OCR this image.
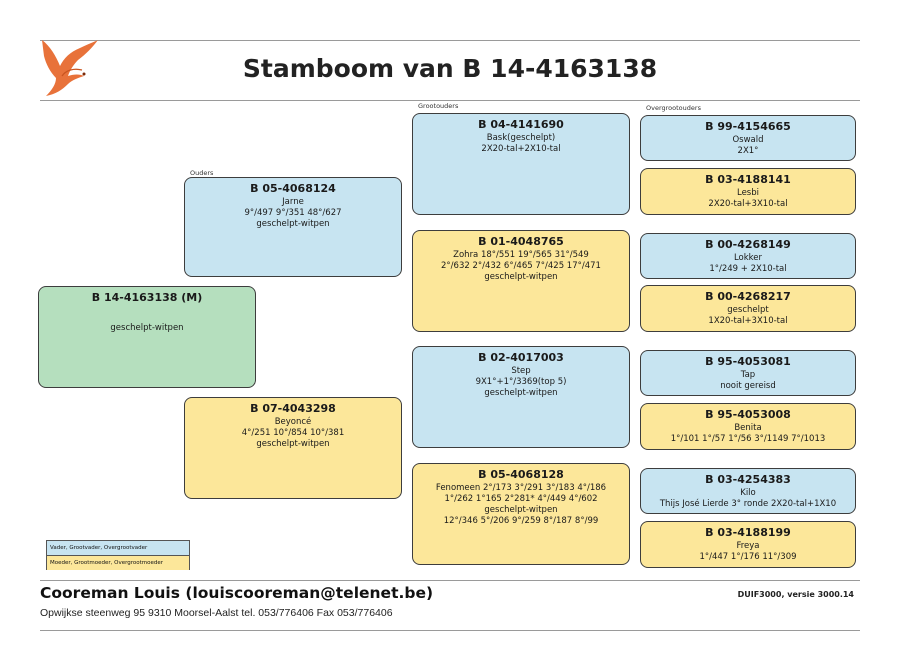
Stamboom van B 14-4163138
Grootouders	Overgrootouders
Ouders
B 14-4163138 (M)
geschelpt-witpen
B 05-4068124
Jarne
9°/497 9°/351 48°/627
geschelpt-witpen
B 07-4043298
Beyoncé
4°/251 10°/854 10°/381
geschelpt-witpen
B 04-4141690
Bask(geschelpt)
2X20-tal+2X10-tal
B 01-4048765
Zohra 18°/551 19°/565 31°/549
2°/632 2°/432 6°/465 7°/425 17°/471
geschelpt-witpen
B 02-4017003
Step
9X1°+1°/3369(top 5)
geschelpt-witpen
B 05-4068128
Fenomeen 2°/173 3°/291 3°/183 4°/186
1°/262 1°165 2°281* 4°/449 4°/602
geschelpt-witpen
12°/346 5°/206 9°/259 8°/187 8°/99
B 99-4154665
Oswald
2X1°
B 03-4188141
Lesbi
2X20-tal+3X10-tal
B 00-4268149
Lokker
1°/249 + 2X10-tal
B 00-4268217
geschelpt
1X20-tal+3X10-tal
B 95-4053081
Tap
nooit gereisd
B 95-4053008
Benita
1°/101 1°/57 1°/56 3°/1149 7°/1013
B 03-4254383
Kilo
Thijs José Lierde 3° ronde 2X20-tal+1X10
B 03-4188199
Freya
1°/447 1°/176 11°/309
Vader, Grootvader, Overgrootvader
Moeder, Grootmoeder, Overgrootmoeder
Cooreman Louis (louiscooreman@telenet.be)	DUIF3000, versie 3000.14
Opwijkse steenweg 95 9310 Moorsel-Aalst tel. 053/776406 Fax 053/776406
